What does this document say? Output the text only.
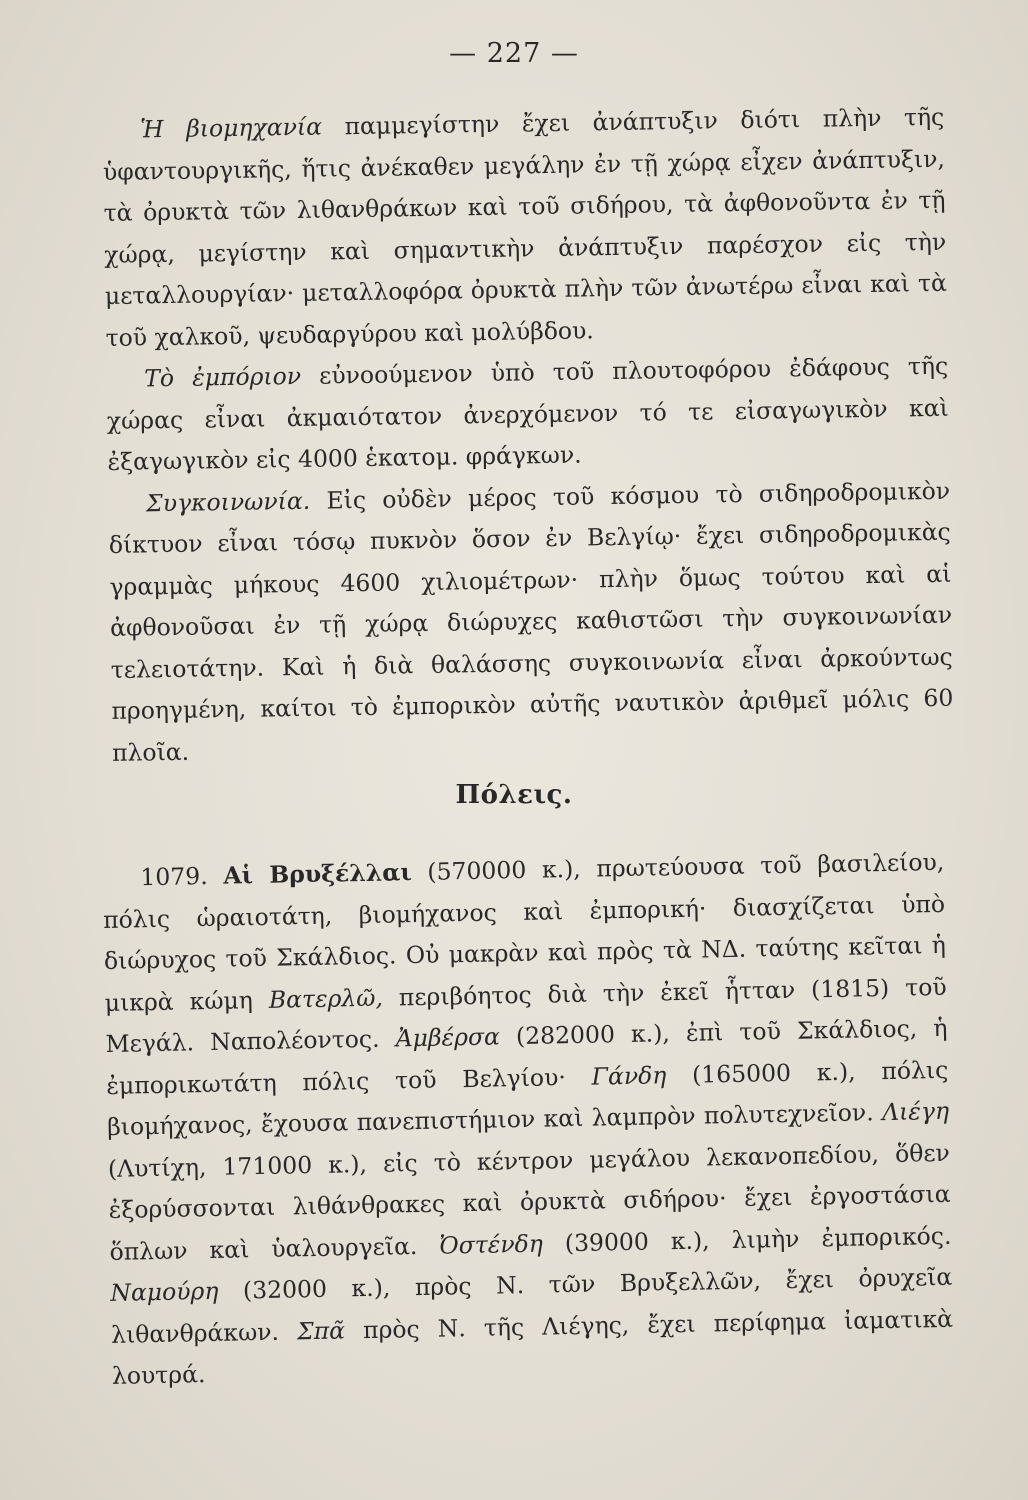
— 227 —

Ἡ βιομηχανία παμμεγίστην ἔχει ἀνάπτυξιν διότι πλὴν τῆς ὑφαντουργικῆς, ἥτις ἀνέκαθεν μεγάλην ἐν τῇ χώρᾳ εἶχεν ἀνάπτυξιν, τὰ ὀρυκτὰ τῶν λιθανθράκων καὶ τοῦ σιδήρου, τὰ ἀφθονοῦντα ἐν τῇ χώρᾳ, μεγίστην καὶ σημαντικὴν ἀνάπτυξιν παρέσχον εἰς τὴν μεταλλουργίαν· μεταλλοφόρα ὀρυκτὰ πλὴν τῶν ἀνωτέρω εἶναι καὶ τὰ τοῦ χαλκοῦ, ψευδαργύρου καὶ μολύβδου.

Τὸ ἐμπόριον εὐνοούμενον ὑπὸ τοῦ πλουτοφόρου ἐδάφους τῆς χώρας εἶναι ἀκμαιότατον ἀνερχόμενον τό τε εἰσαγωγικὸν καὶ ἐξαγωγικὸν εἰς 4000 ἑκατομ. φράγκων.

Συγκοινωνία. Εἰς οὐδὲν μέρος τοῦ κόσμου τὸ σιδηροδρομικὸν δίκτυον εἶναι τόσῳ πυκνὸν ὅσον ἐν Βελγίῳ· ἔχει σιδηροδρομικὰς γραμμὰς μήκους 4600 χιλιομέτρων· πλὴν ὅμως τούτου καὶ αἱ ἀφθονοῦσαι ἐν τῇ χώρᾳ διώρυχες καθιστῶσι τὴν συγκοινωνίαν τελειοτάτην. Καὶ ἡ διὰ θαλάσσης συγκοινωνία εἶναι ἀρκούντως προηγμένη, καίτοι τὸ ἐμπορικὸν αὐτῆς ναυτικὸν ἀριθμεῖ μόλις 60 πλοῖα.

Πόλεις.

1079. Αἱ Βρυξέλλαι (570000 κ.), πρωτεύουσα τοῦ βασιλείου, πόλις ὡραιοτάτη, βιομήχανος καὶ ἐμπορική· διασχίζεται ὑπὸ διώρυχος τοῦ Σκάλδιος. Οὐ μακρὰν καὶ πρὸς τὰ ΝΔ. ταύτης κεῖται ἡ μικρὰ κώμη Βατερλῶ, περιβόητος διὰ τὴν ἐκεῖ ἧτταν (1815) τοῦ Μεγάλ. Ναπολέοντος. Ἀμβέρσα (282000 κ.), ἐπὶ τοῦ Σκάλδιος, ἡ ἐμπορικωτάτη πόλις τοῦ Βελγίου· Γάνδη (165000 κ.), πόλις βιομήχανος, ἔχουσα πανεπιστήμιον καὶ λαμπρὸν πολυτεχνεῖον. Λιέγη (Λυτίχη, 171000 κ.), εἰς τὸ κέντρον μεγάλου λεκανοπεδίου, ὅθεν ἐξορύσσονται λιθάνθρακες καὶ ὀρυκτὰ σιδήρου· ἔχει ἐργοστάσια ὅπλων καὶ ὑαλουργεῖα. Ὀστένδη (39000 κ.), λιμὴν ἐμπορικός. Ναμούρη (32000 κ.), πρὸς Ν. τῶν Βρυξελλῶν, ἔχει ὀρυχεῖα λιθανθράκων. Σπᾶ πρὸς Ν. τῆς Λιέγης, ἔχει περίφημα ἰαματικὰ λουτρά.
